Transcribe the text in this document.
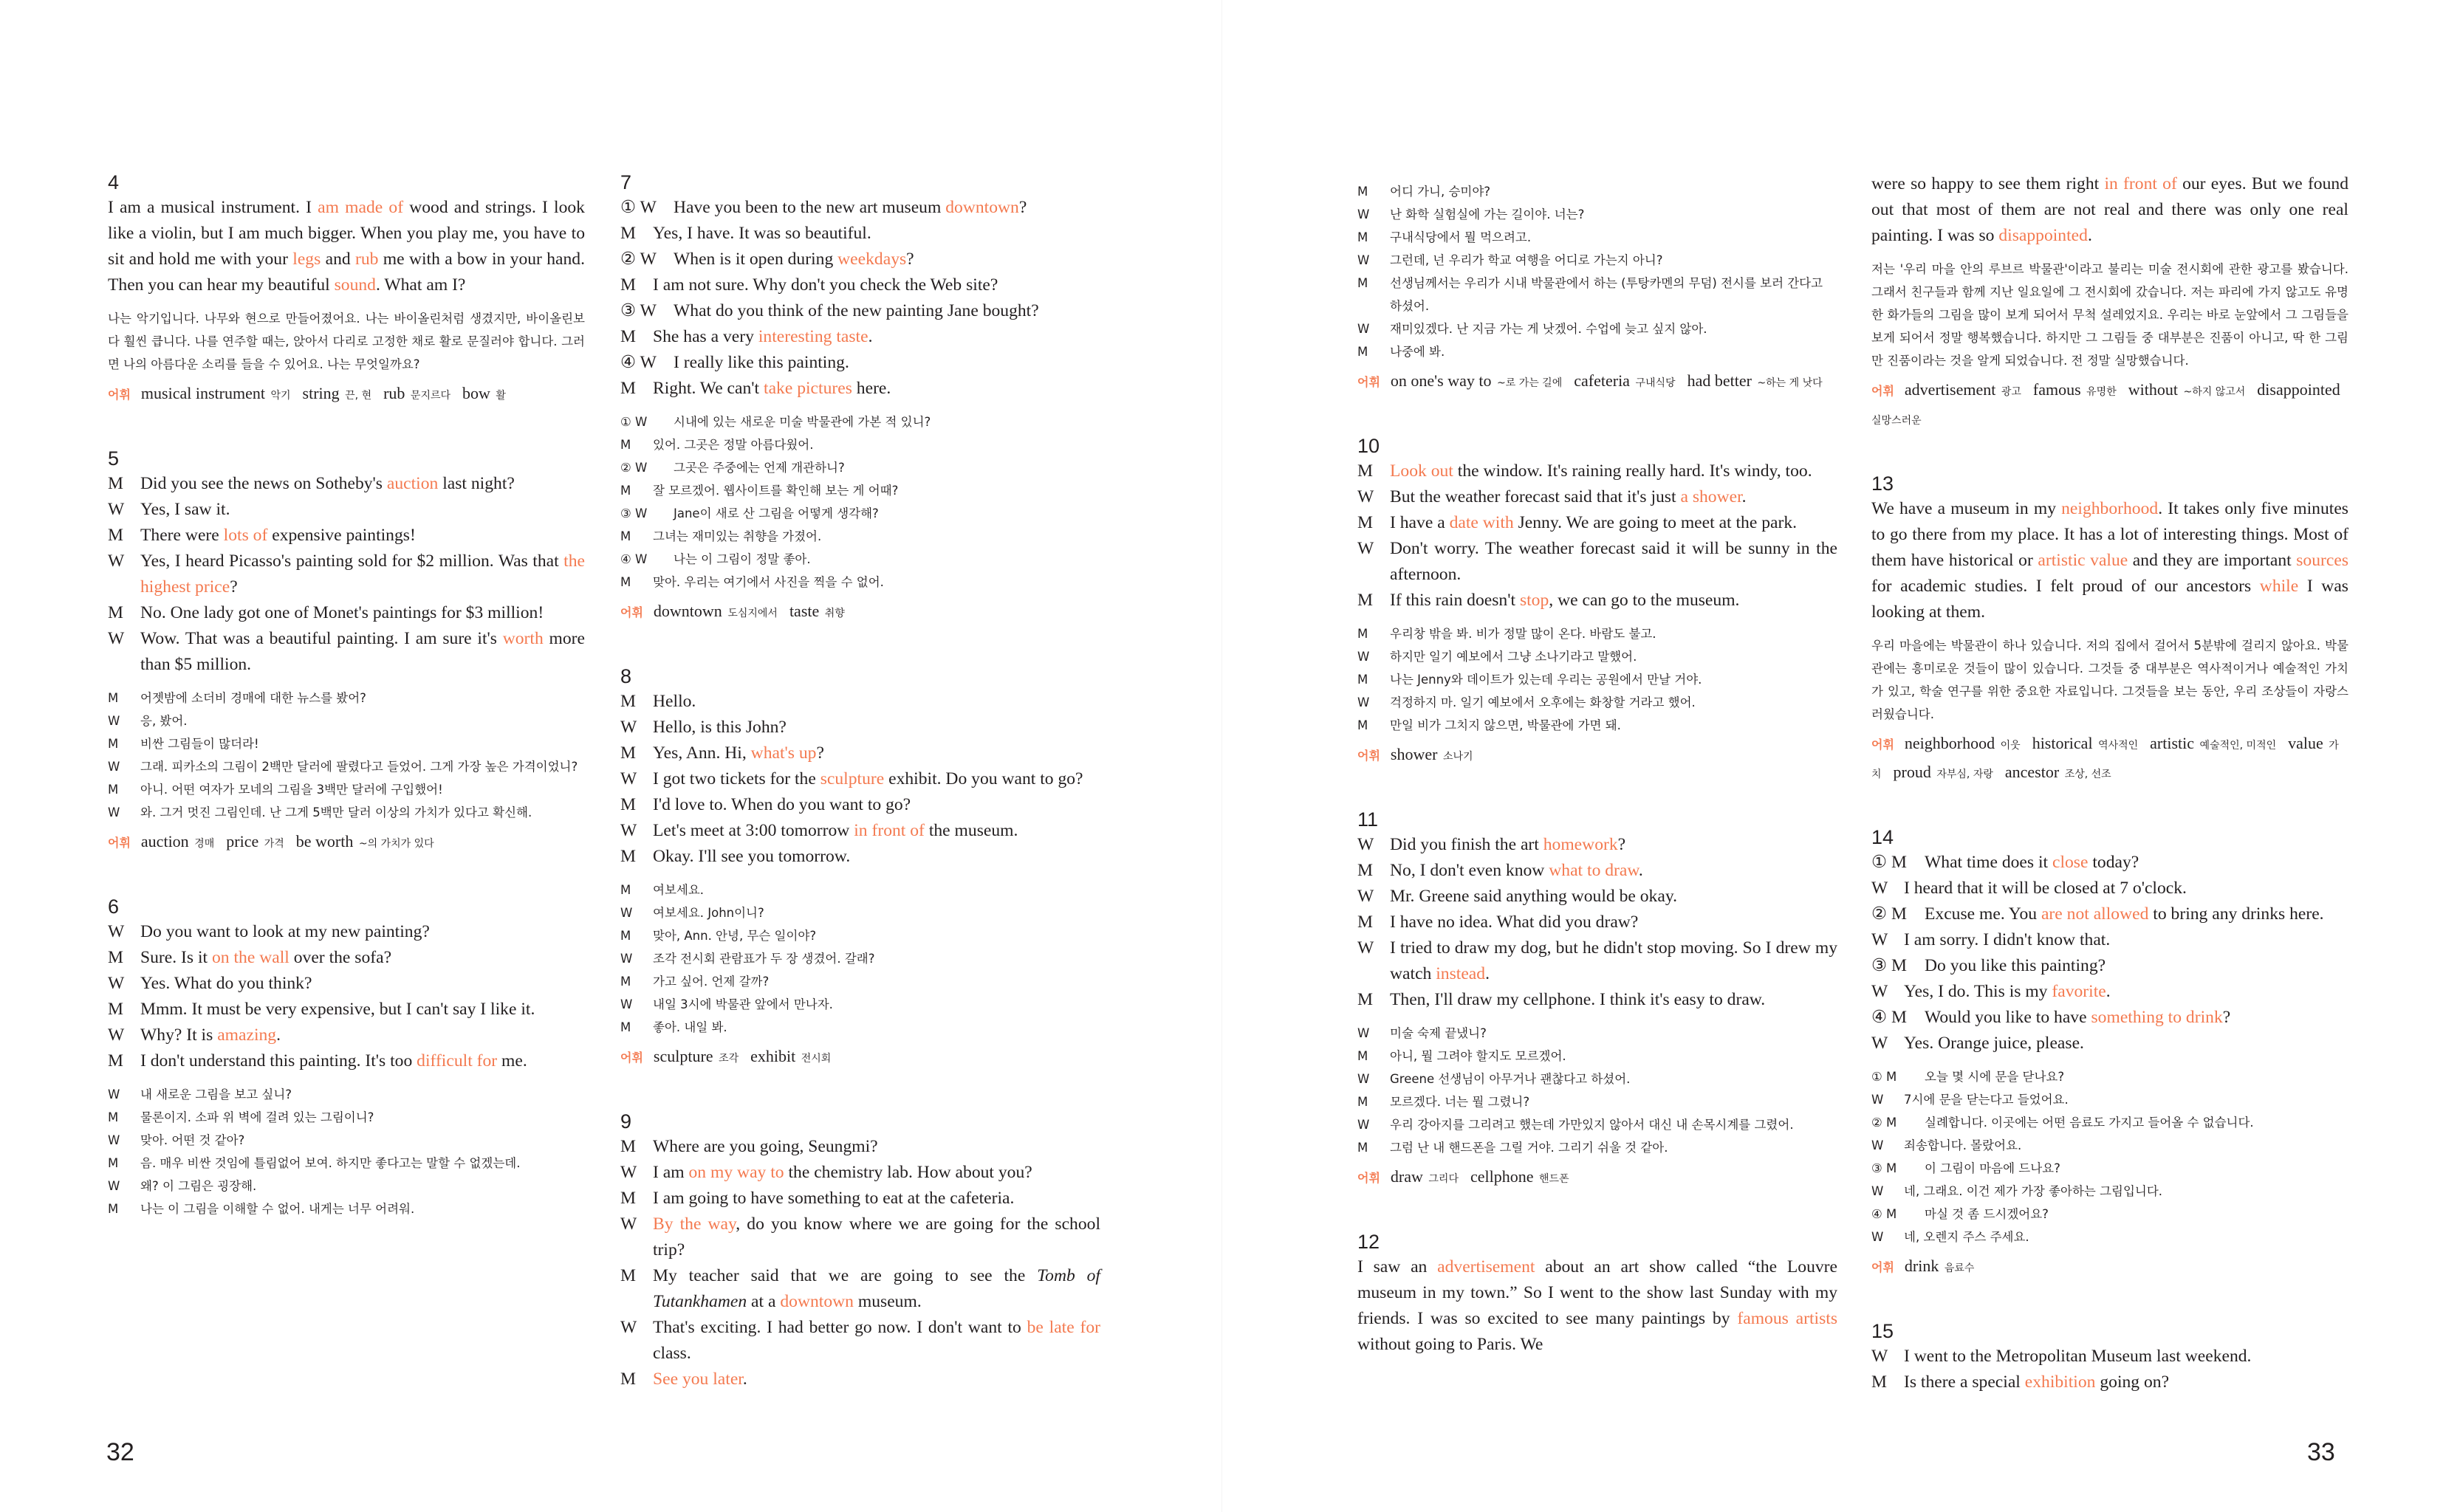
4
I am a musical instrument. I am made of wood and strings. I look like a violin, but I am much bigger. When you play me, you have to sit and hold me with your legs and rub me with a bow in your hand. Then you can hear my beautiful sound. What am I?
나는 악기입니다. 나무와 현으로 만들어졌어요. 나는 바이올린처럼 생겼지만, 바이올린보다 훨씬 큽니다. 나를 연주할 때는, 앉아서 다리로 고정한 채로 활로 문질러야 합니다. 그러면 나의 아름다운 소리를 들을 수 있어요. 나는 무엇일까요?
어휘 musical instrument 악기 string 끈, 현 rub 문지르다 bow 활
5
M Did you see the news on Sotheby's auction last night?
W Yes, I saw it.
M There were lots of expensive paintings!
W Yes, I heard Picasso's painting sold for $2 million. Was that the highest price?
M No. One lady got one of Monet's paintings for $3 million!
W Wow. That was a beautiful painting. I am sure it's worth more than $5 million.
M	어젯밤에 소더비 경매에 대한 뉴스를 봤어?
W	응, 봤어.
M	비싼 그림들이 많더라!
W	그래. 피카소의 그림이 2백만 달러에 팔렸다고 들었어. 그게 가장 높은 가격이었니?
M	아니. 어떤 여자가 모네의 그림을 3백만 달러에 구입했어!
W	와. 그거 멋진 그림인데. 난 그게 5백만 달러 이상의 가치가 있다고 확신해.
어휘 auction 경매 price 가격 be worth ~의 가치가 있다
6
W Do you want to look at my new painting?
M Sure. Is it on the wall over the sofa?
W Yes. What do you think?
M Mmm. It must be very expensive, but I can't say I like it.
W Why? It is amazing.
M I don't understand this painting. It's too difficult for me.
W	내 새로운 그림을 보고 싶니?
M	물론이지. 소파 위 벽에 걸려 있는 그림이니?
W	맞아. 어떤 것 같아?
M	음. 매우 비싼 것임에 틀림없어 보여. 하지만 좋다고는 말할 수 없겠는데.
W	왜? 이 그림은 굉장해.
M	나는 이 그림을 이해할 수 없어. 내게는 너무 어려워.
7
① W Have you been to the new art museum downtown?
M Yes, I have. It was so beautiful.
② W When is it open during weekdays?
M I am not sure. Why don't you check the Web site?
③ W What do you think of the new painting Jane bought?
M She has a very interesting taste.
④ W I really like this painting.
M Right. We can't take pictures here.
① W	시내에 있는 새로운 미술 박물관에 가본 적 있니?
M	있어. 그곳은 정말 아름다웠어.
② W	그곳은 주중에는 언제 개관하니?
M	잘 모르겠어. 웹사이트를 확인해 보는 게 어때?
③ W	Jane이 새로 산 그림을 어떻게 생각해?
M	그녀는 재미있는 취향을 가졌어.
④ W	나는 이 그림이 정말 좋아.
M	맞아. 우리는 여기에서 사진을 찍을 수 없어.
어휘 downtown 도심지에서 taste 취향
8
M Hello.
W Hello, is this John?
M Yes, Ann. Hi, what's up?
W I got two tickets for the sculpture exhibit. Do you want to go?
M I'd love to. When do you want to go?
W Let's meet at 3:00 tomorrow in front of the museum.
M Okay. I'll see you tomorrow.
M	여보세요.
W	여보세요. John이니?
M	맞아, Ann. 안녕, 무슨 일이야?
W	조각 전시회 관람표가 두 장 생겼어. 갈래?
M	가고 싶어. 언제 갈까?
W	내일 3시에 박물관 앞에서 만나자.
M	좋아. 내일 봐.
어휘 sculpture 조각 exhibit 전시회
9
M Where are you going, Seungmi?
W I am on my way to the chemistry lab. How about you?
M I am going to have something to eat at the cafeteria.
W By the way, do you know where we are going for the school trip?
M My teacher said that we are going to see the Tomb of Tutankhamen at a downtown museum.
W That's exciting. I had better go now. I don't want to be late for class.
M See you later.
M	어디 가니, 승미야?
W	난 화학 실험실에 가는 길이야. 너는?
M	구내식당에서 뭘 먹으려고.
W	그런데, 넌 우리가 학교 여행을 어디로 가는지 아니?
M	선생님께서는 우리가 시내 박물관에서 하는 (투탕카멘의 무덤) 전시를 보러 간다고 하셨어.
W	재미있겠다. 난 지금 가는 게 낫겠어. 수업에 늦고 싶지 않아.
M	나중에 봐.
어휘 on one's way to ~로 가는 길에 cafeteria 구내식당 had better ~하는 게 낫다
10
M Look out the window. It's raining really hard. It's windy, too.
W But the weather forecast said that it's just a shower.
M I have a date with Jenny. We are going to meet at the park.
W Don't worry. The weather forecast said it will be sunny in the afternoon.
M If this rain doesn't stop, we can go to the museum.
M	우리창 밖을 봐. 비가 정말 많이 온다. 바람도 불고.
W	하지만 일기 예보에서 그냥 소나기라고 말했어.
M	나는 Jenny와 데이트가 있는데 우리는 공원에서 만날 거야.
W	걱정하지 마. 일기 예보에서 오후에는 화창할 거라고 했어.
M	만일 비가 그치지 않으면, 박물관에 가면 돼.
어휘 shower 소나기
11
W Did you finish the art homework?
M No, I don't even know what to draw.
W Mr. Greene said anything would be okay.
M I have no idea. What did you draw?
W I tried to draw my dog, but he didn't stop moving. So I drew my watch instead.
M Then, I'll draw my cellphone. I think it's easy to draw.
W	미술 숙제 끝냈니?
M	아니, 뭘 그려야 할지도 모르겠어.
W	Greene 선생님이 아무거나 괜찮다고 하셨어.
M	모르겠다. 너는 뭘 그렸니?
W	우리 강아지를 그리려고 했는데 가만있지 않아서 대신 내 손목시계를 그렸어.
M	그럼 난 내 핸드폰을 그릴 거야. 그리기 쉬울 것 같아.
어휘 draw 그리다 cellphone 핸드폰
12
I saw an advertisement about an art show called “the Louvre museum in my town.” So I went to the show last Sunday with my friends. I was so excited to see many paintings by famous artists without going to Paris. We
were so happy to see them right in front of our eyes. But we found out that most of them are not real and there was only one real painting. I was so disappointed.
저는 '우리 마을 안의 루브르 박물관'이라고 불리는 미술 전시회에 관한 광고를 봤습니다. 그래서 친구들과 함께 지난 일요일에 그 전시회에 갔습니다. 저는 파리에 가지 않고도 유명한 화가들의 그림을 많이 보게 되어서 무척 설레었지요. 우리는 바로 눈앞에서 그 그림들을 보게 되어서 정말 행복했습니다. 하지만 그 그림들 중 대부분은 진품이 아니고, 딱 한 그림만 진품이라는 것을 알게 되었습니다. 전 정말 실망했습니다.
어휘 advertisement 광고 famous 유명한 without ~하지 않고서 disappointed 실망스러운
13
We have a museum in my neighborhood. It takes only five minutes to go there from my place. It has a lot of interesting things. Most of them have historical or artistic value and they are important sources for academic studies. I felt proud of our ancestors while I was looking at them.
우리 마을에는 박물관이 하나 있습니다. 저의 집에서 걸어서 5분밖에 걸리지 않아요. 박물관에는 흥미로운 것들이 많이 있습니다. 그것들 중 대부분은 역사적이거나 예술적인 가치가 있고, 학술 연구를 위한 중요한 자료입니다. 그것들을 보는 동안, 우리 조상들이 자랑스러웠습니다.
어휘 neighborhood 이웃 historical 역사적인 artistic 예술적인, 미적인 value 가치 proud 자부심, 자랑 ancestor 조상, 선조
14
① M	What time does it close today?
W I heard that it will be closed at 7 o'clock.
② M	Excuse me. You are not allowed to bring any drinks here.
W I am sorry. I didn't know that.
③ M	Do you like this painting?
W Yes, I do. This is my favorite.
④ M	Would you like to have something to drink?
W Yes. Orange juice, please.
① M	오늘 몇 시에 문을 닫나요?
W	7시에 문을 닫는다고 들었어요.
② M	실례합니다. 이곳에는 어떤 음료도 가지고 들어올 수 없습니다.
W	죄송합니다. 몰랐어요.
③ M	이 그림이 마음에 드나요?
W	네, 그래요. 이건 제가 가장 좋아하는 그림입니다.
④ M	마실 것 좀 드시겠어요?
W	네, 오렌지 주스 주세요.
어휘 drink 음료수
15
W I went to the Metropolitan Museum last weekend.
M Is there a special exhibition going on?
32	33
